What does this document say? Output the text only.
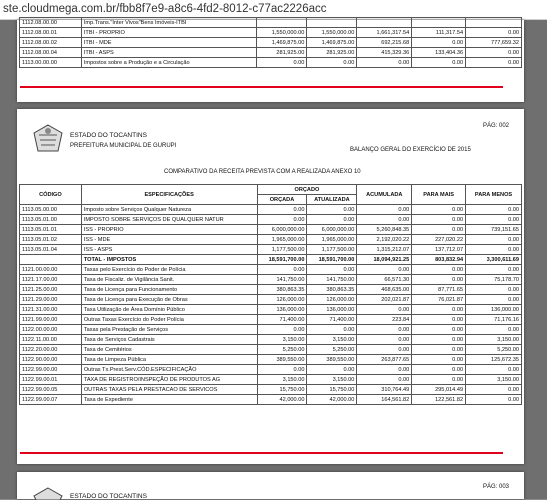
ste.cloudmega.com.br/fbb8f7e9-a8c6-4fd2-8012-c77ac2226acc
1112.08.00.00	Imp.Trans."Inter Vivos"Bens Imóveis-ITBI					
1112.08.00.01	ITBI - PROPRIO	1,550,000.00	1,550,000.00	1,661,317.54	111,317.54	0.00
1112.08.00.02	ITBI - MDE	1,469,875.00	1,469,875.00	692,215.68	0.00	777,659.32
1112.08.00.04	ITBI - ASPS	281,925.00	281,925.00	415,329.36	133,404.36	0.00
1113.00.00.00	Impostos sobre a Produção e a Circulação	0.00	0.00	0.00	0.00	0.00
ESTADO DO TOCANTINS
PREFEITURA MUNICIPAL DE GURUPI
PÁG: 002
BALANÇO GERAL DO EXERCÍCIO DE 2015
COMPARATIVO DA RECEITA PREVISTA COM A REALIZADA ANEXO 10
CÓDIGO	ESPECIFICAÇÕES	ORÇADO		ACUMULADA	PARA MAIS	PARA MENOS
		ORÇADA	ATUALIZADA			
1113.05.00.00	Imposto sobre Serviços Qualquer Natureza	0.00	0.00	0.00	0.00	0.00
1113.05.01.00	IMPOSTO SOBRE SERVIÇOS DE QUALQUER NATUR	0.00	0.00	0.00	0.00	0.00
1113.05.01.01	ISS - PROPRIO	6,000,000.00	6,000,000.00	5,260,848.35	0.00	739,151.65
1113.05.01.02	ISS - MDE	1,965,000.00	1,965,000.00	2,192,020.22	227,020.22	0.00
1113.05.01.04	ISS - ASPS	1,177,500.00	1,177,500.00	1,315,212.07	137,712.07	0.00
	TOTAL - IMPOSTOS	18,591,700.00	18,591,700.00	18,094,921.25	803,832.94	3,300,611.69
1121.00.00.00	Taxas pelo Exercício do Poder de Polícia	0.00	0.00	0.00	0.00	0.00
1121.17.00.00	Taxa de Fiscaliz. de Vigilância Sanit.	141,750.00	141,750.00	66,571.30	0.00	75,178.70
1121.25.00.00	Taxa de Licença para Funcionamento	380,863.35	380,863.35	468,635.00	87,771.65	0.00
1121.29.00.00	Taxa de Licença para Execução de Obras	126,000.00	126,000.00	202,021.87	76,021.87	0.00
1121.31.00.00	Taxa Utilização de Área Domínio Público	136,000.00	136,000.00	0.00	0.00	136,000.00
1121.99.00.00	Outras Taxas Exercício do Poder Polícia	71,400.00	71,400.00	223.84	0.00	71,176.16
1122.00.00.00	Taxas pela Prestação de Serviços	0.00	0.00	0.00	0.00	0.00
1122.11.00.00	Taxa de Serviços Cadastrais	3,150.00	3,150.00	0.00	0.00	3,150.00
1122.20.00.00	Taxa de Cemitérios	5,250.00	5,250.00	0.00	0.00	5,250.00
1122.90.00.00	Taxa de Limpeza Pública	389,550.00	389,550.00	263,877.65	0.00	125,672.35
1122.99.00.00	Outras Tx.Prest.Serv.CÓD.ESPECIFICAÇÃO	0.00	0.00	0.00	0.00	0.00
1122.99.00.01	TAXA DE REGISTRO/INSPEÇÃO DE PRODUTOS AG	3,150.00	3,150.00	0.00	0.00	3,150.00
1122.99.00.05	OUTRAS TAXAS PELA PRESTACAO DE SERVICOS	15,750.00	15,750.00	310,764.49	295,014.49	0.00
1122.99.00.07	Taxa de Expediente	42,000.00	42,000.00	164,561.82	122,561.82	0.00
ESTADO DO TOCANTINS
PÁG: 003
